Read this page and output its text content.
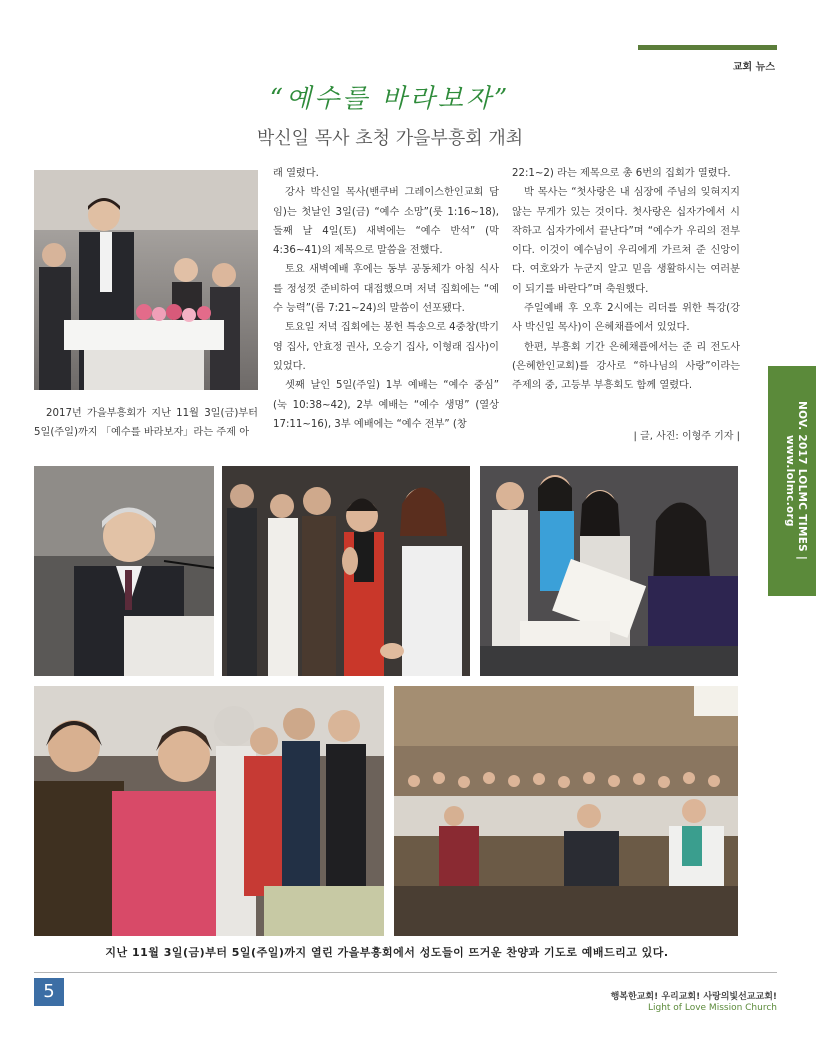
교회 뉴스
“예수를 바라보자”
박신일 목사 초청 가을부흥회 개최

2017년 가을부흥회가 지난 11월 3일(금)부터 5일(주일)까지 「예수를 바라보자」라는 주제 아

래 열렸다.

강사 박신일 목사(밴쿠버 그레이스한인교회 담임)는 첫날인 3일(금) “예수 소망”(룻 1:16~18), 둘째 날 4일(토) 새벽에는 “예수 반석” (막 4:36~41)의 제목으로 말씀을 전했다.

토요 새벽예배 후에는 동부 공동체가 아침 식사를 정성껏 준비하여 대접했으며 저녁 집회에는 “예수 능력”(롬 7:21~24)의 말씀이 선포됐다.

토요일 저녁 집회에는 봉헌 특송으로 4중창(박기영 집사, 안효정 권사, 오승기 집사, 이형래 집사)이 있었다.

셋째 날인 5일(주일) 1부 예배는 “예수 중심” (눅 10:38~42), 2부 예배는 “예수 생명” (열상 17:11~16), 3부 예배에는 “예수 전부” (창

22:1~2) 라는 제목으로 총 6번의 집회가 열렸다.

박 목사는 “첫사랑은 내 심장에 주님의 잊혀지지 않는 무게가 있는 것이다. 첫사랑은 십자가에서 시작하고 십자가에서 끝난다”며 “예수가 우리의 전부이다. 이것이 예수님이 우리에게 가르쳐 준 신앙이다. 여호와가 누군지 알고 믿음 생활하시는 여러분이 되기를 바란다”며 축원했다.

주일예배 후 오후 2시에는 리더를 위한 특강(강사 박신일 목사)이 은혜채플에서 있었다.

한편, 부흥회 기간 은혜채플에서는 준 리 전도사(은혜한인교회)를 강사로 “하나님의 사랑”이라는 주제의 중, 고등부 부흥회도 함께 열렸다.

| 글, 사진: 이형주 기자 |	NOV. 2017 LOLMC TIMES | www.lolmc.org
지난 11월 3일(금)부터 5일(주일)까지 열린 가을부흥회에서 성도들이 뜨거운 찬양과 기도로 예배드리고 있다.
5	행복한교회! 우리교회! 사랑의빛선교교회!
Light of Love Mission Church
